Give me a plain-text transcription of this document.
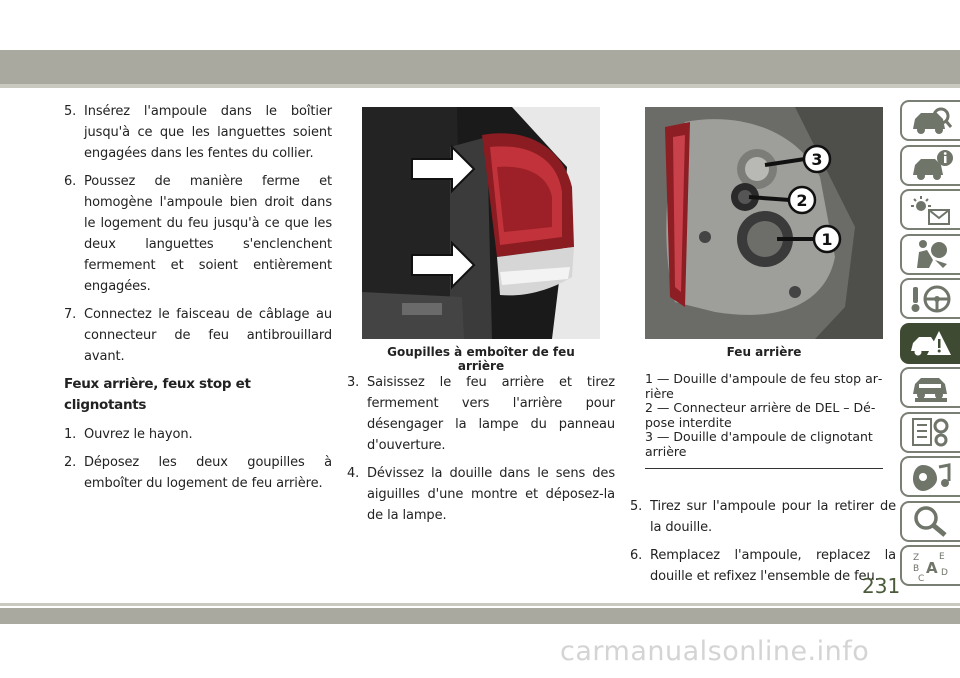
5. Insérez l'ampoule dans le boîtier jusqu'à ce que les languettes soient engagées dans les fentes du collier.
6. Poussez de manière ferme et homogène l'ampoule bien droit dans le logement du feu jusqu'à ce que les deux languettes s'enclenchent fermement et soient entièrement engagées.
7. Connectez le faisceau de câblage au connecteur de feu antibrouillard avant.
Feux arrière, feux stop et clignotants
1. Ouvrez le hayon.
2. Déposez les deux goupilles à emboîter du logement de feu arrière.
Goupilles à emboîter de feu arrière
3. Saisissez le feu arrière et tirez fermement vers l'arrière pour désengager la lampe du panneau d'ouverture.
4. Dévissez la douille dans le sens des aiguilles d'une montre et déposez-la de la lampe.
3
2
1
Feu arrière
1 — Douille d'ampoule de feu stop arrière
2 — Connecteur arrière de DEL – Dépose interdite
3 — Douille d'ampoule de clignotant arrière
5. Tirez sur l'ampoule pour la retirer de la douille.
6. Remplacez l'ampoule, replacez la douille et refixez l'ensemble de feu.
Z E
B A
C
D
231
carmanualsonline.info
